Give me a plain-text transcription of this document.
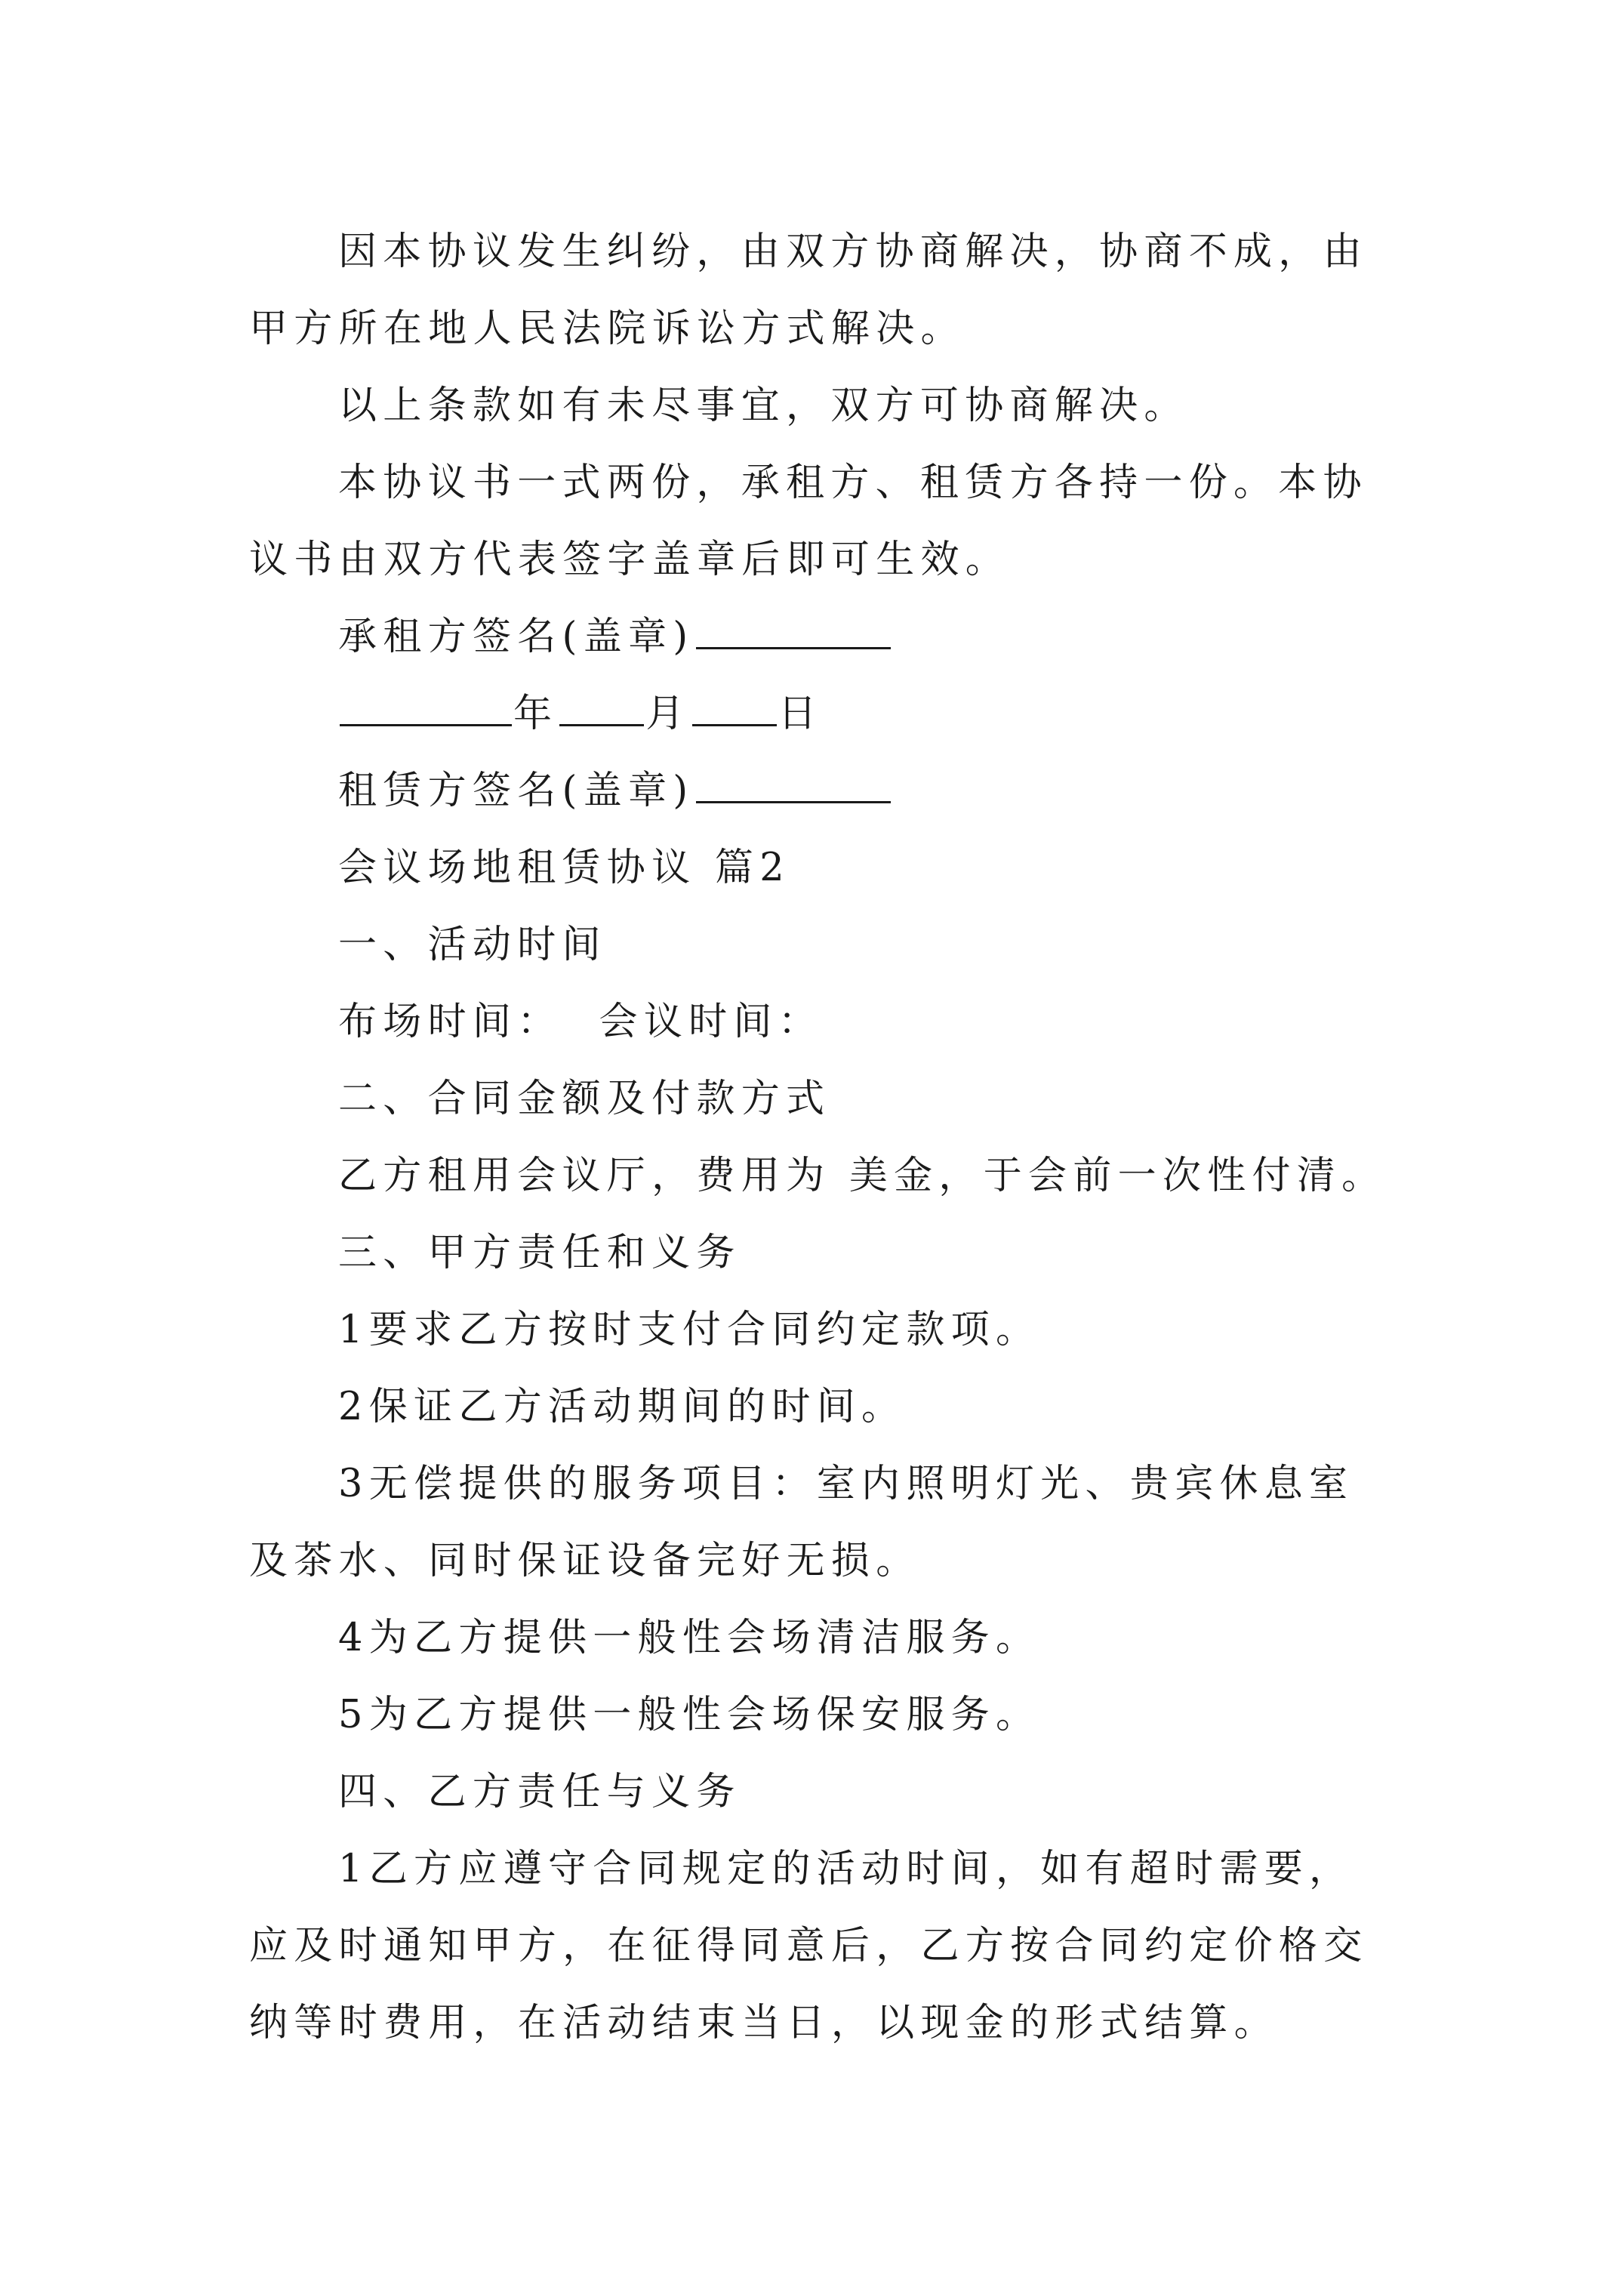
因本协议发生纠纷，由双方协商解决，协商不成，由甲方所在地人民法院诉讼方式解决。

以上条款如有未尽事宜，双方可协商解决。

本协议书一式两份，承租方、租赁方各持一份。本协议书由双方代表签字盖章后即可生效。

承租方签名(盖章)

年 月 日

租赁方签名(盖章)

会议场地租赁协议 篇2

一、活动时间

布场时间：  会议时间：

二、合同金额及付款方式

乙方租用会议厅，费用为 美金，于会前一次性付清。

三、甲方责任和义务

1要求乙方按时支付合同约定款项。

2保证乙方活动期间的时间。

3无偿提供的服务项目：室内照明灯光、贵宾休息室及茶水、同时保证设备完好无损。

4为乙方提供一般性会场清洁服务。

5为乙方提供一般性会场保安服务。

四、乙方责任与义务

1乙方应遵守合同规定的活动时间，如有超时需要，应及时通知甲方，在征得同意后，乙方按合同约定价格交纳等时费用，在活动结束当日，以现金的形式结算。
